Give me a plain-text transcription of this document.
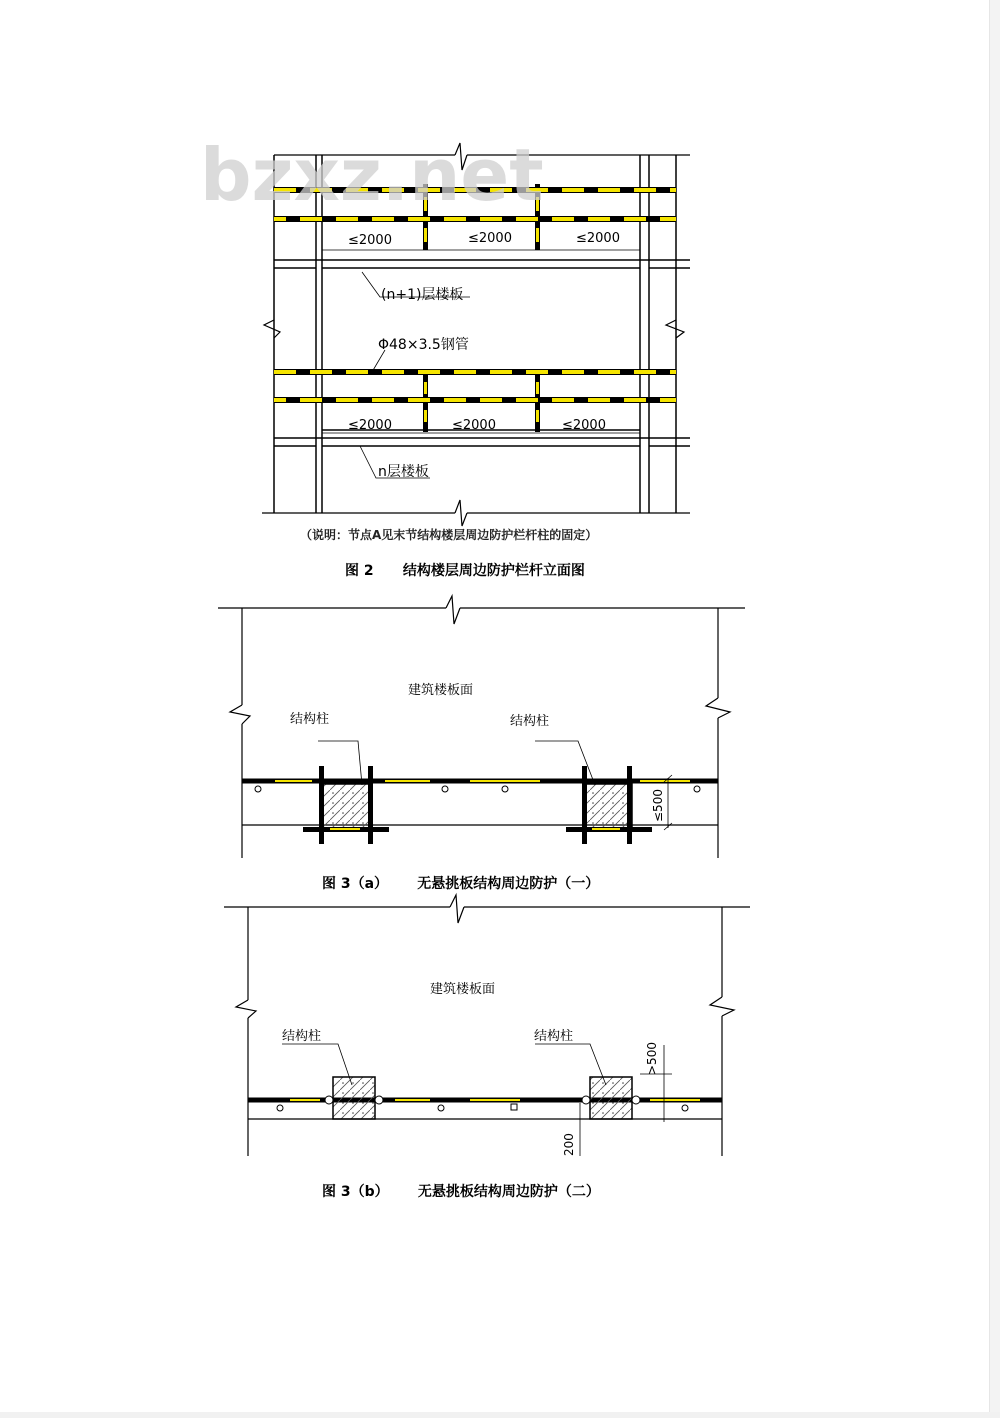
bzxz.net
≤2000	≤2000	≤2000
(n+1)层楼板
Φ48×3.5钢管
≤2000	≤2000	≤2000
n层楼板
（说明：节点A见末节结构楼层周边防护栏杆柱的固定）
图 2      结构楼层周边防护栏杆立面图
建筑楼板面
结构柱	结构柱
≤500
图 3（a）      无悬挑板结构周边防护（一）
建筑楼板面
结构柱	结构柱
>500
200
图 3（b）      无悬挑板结构周边防护（二）
